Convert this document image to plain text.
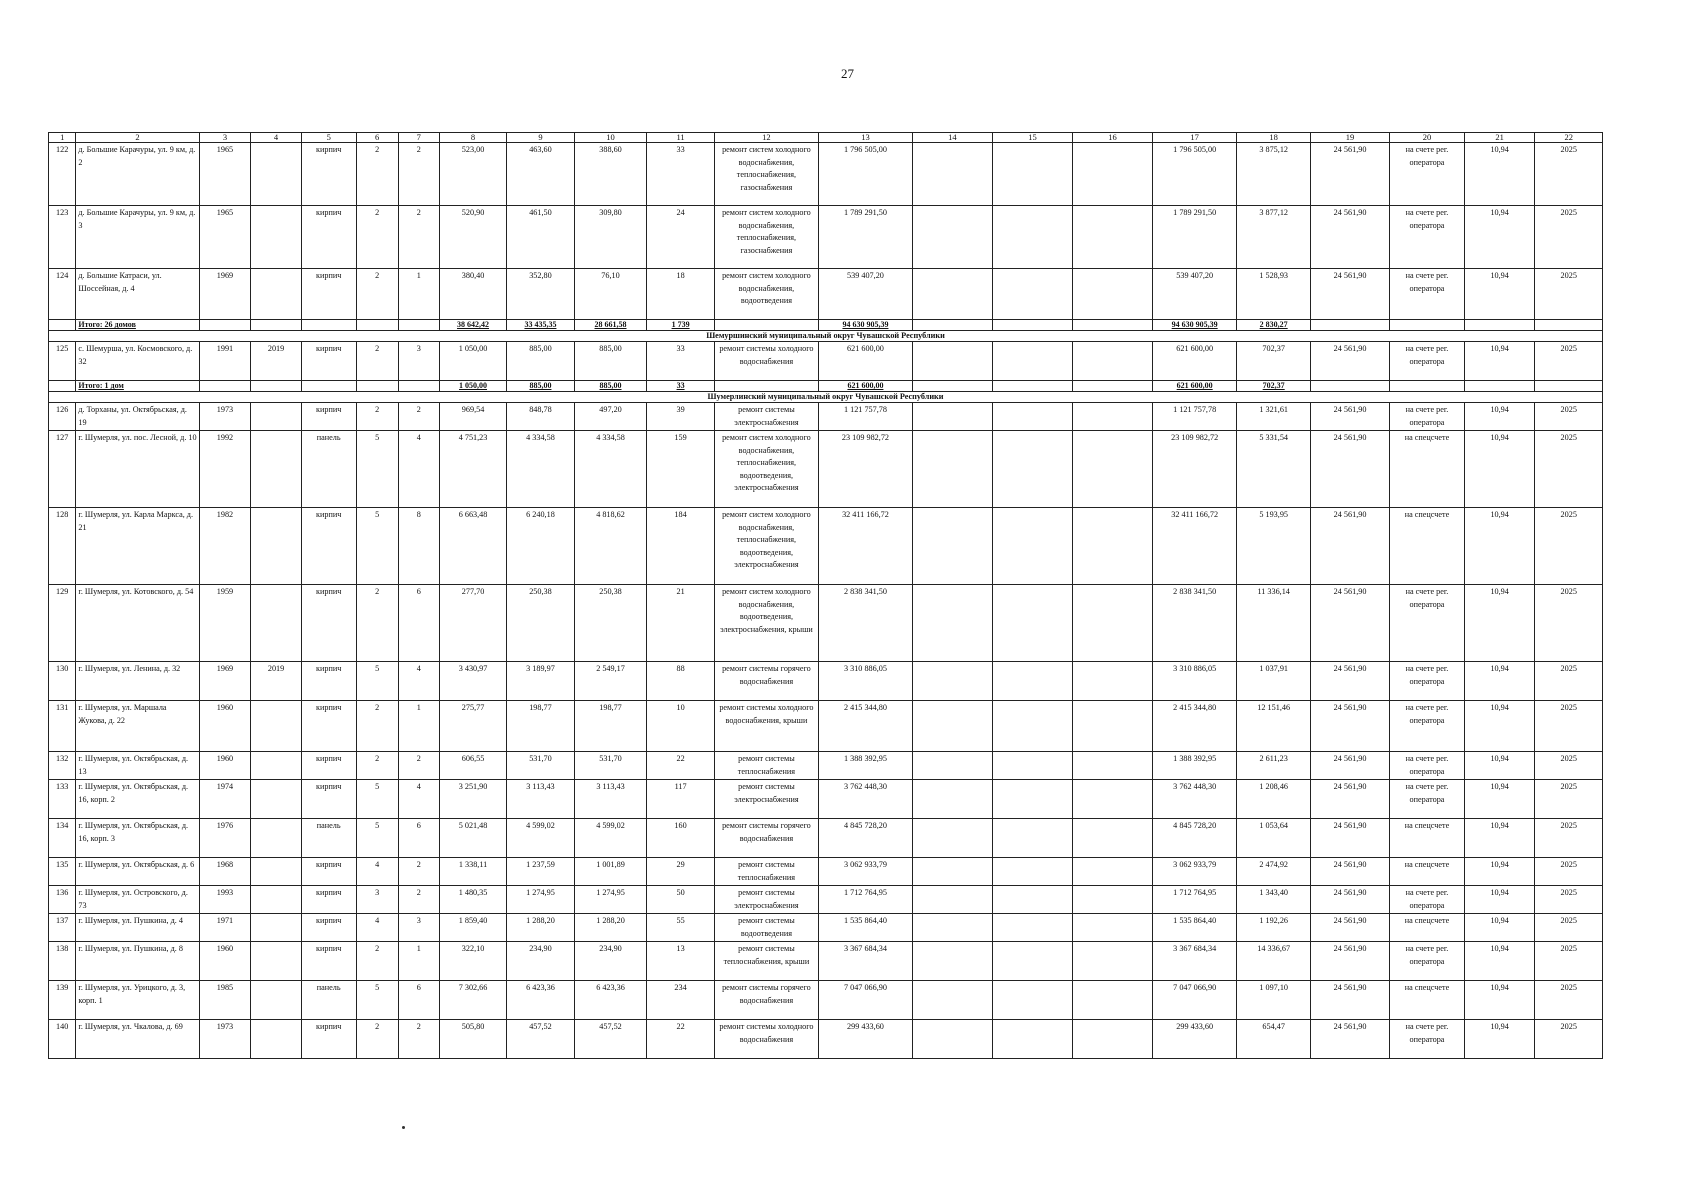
27
1	2	3	4	5	6	7	8	9	10	11	12	13	14	15	16	17	18	19	20	21	22
122	д. Большие Карачуры, ул. 9 км, д. 2	1965		кирпич	2	2	523,00	463,60	388,60	33	ремонт систем холодного водоснабжения, теплоснабжения, газоснабжения	1 796 505,00				1 796 505,00	3 875,12	24 561,90	на счете рег. оператора	10,94	2025
123	д. Большие Карачуры, ул. 9 км, д. 3	1965		кирпич	2	2	520,90	461,50	309,80	24	ремонт систем холодного водоснабжения, теплоснабжения, газоснабжения	1 789 291,50				1 789 291,50	3 877,12	24 561,90	на счете рег. оператора	10,94	2025
124	д. Большие Катраси, ул. Шоссейная, д. 4	1969		кирпич	2	1	380,40	352,80	76,10	18	ремонт систем холодного водоснабжения, водоотведения	539 407,20				539 407,20	1 528,93	24 561,90	на счете рег. оператора	10,94	2025
	Итого: 26 домов						38 642,42	33 435,35	28 661,58	1 739		94 630 905,39				94 630 905,39	2 830,27				
Шемуршинский муниципальный округ Чувашской Республики																					
125	с. Шемурша, ул. Космовского, д. 32	1991	2019	кирпич	2	3	1 050,00	885,00	885,00	33	ремонт системы холодного водоснабжения	621 600,00				621 600,00	702,37	24 561,90	на счете рег. оператора	10,94	2025
	Итого: 1 дом						1 050,00	885,00	885,00	33		621 600,00				621 600,00	702,37				
Шумерлинский муниципальный округ Чувашской Республики																					
126	д. Торханы, ул. Октябрьская, д. 19	1973		кирпич	2	2	969,54	848,78	497,20	39	ремонт системы электроснабжения	1 121 757,78				1 121 757,78	1 321,61	24 561,90	на счете рег. оператора	10,94	2025
127	г. Шумерля, ул. пос. Лесной, д. 10	1992		панель	5	4	4 751,23	4 334,58	4 334,58	159	ремонт систем холодного водоснабжения, теплоснабжения, водоотведения, электроснабжения	23 109 982,72				23 109 982,72	5 331,54	24 561,90	на спецсчете	10,94	2025
128	г. Шумерля, ул. Карла Маркса, д. 21	1982		кирпич	5	8	6 663,48	6 240,18	4 818,62	184	ремонт систем холодного водоснабжения, теплоснабжения, водоотведения, электроснабжения	32 411 166,72				32 411 166,72	5 193,95	24 561,90	на спецсчете	10,94	2025
129	г. Шумерля, ул. Котовского, д. 54	1959		кирпич	2	6	277,70	250,38	250,38	21	ремонт систем холодного водоснабжения, водоотведения, электроснабжения, крыши	2 838 341,50				2 838 341,50	11 336,14	24 561,90	на счете рег. оператора	10,94	2025
130	г. Шумерля, ул. Ленина, д. 32	1969	2019	кирпич	5	4	3 430,97	3 189,97	2 549,17	88	ремонт системы горячего водоснабжения	3 310 886,05				3 310 886,05	1 037,91	24 561,90	на счете рег. оператора	10,94	2025
131	г. Шумерля, ул. Маршала Жукова, д. 22	1960		кирпич	2	1	275,77	198,77	198,77	10	ремонт системы холодного водоснабжения, крыши	2 415 344,80				2 415 344,80	12 151,46	24 561,90	на счете рег. оператора	10,94	2025
132	г. Шумерля, ул. Октябрьская, д. 13	1960		кирпич	2	2	606,55	531,70	531,70	22	ремонт системы теплоснабжения	1 388 392,95				1 388 392,95	2 611,23	24 561,90	на счете рег. оператора	10,94	2025
133	г. Шумерля, ул. Октябрьская, д. 16, корп. 2	1974		кирпич	5	4	3 251,90	3 113,43	3 113,43	117	ремонт системы электроснабжения	3 762 448,30				3 762 448,30	1 208,46	24 561,90	на счете рег. оператора	10,94	2025
134	г. Шумерля, ул. Октябрьская, д. 16, корп. 3	1976		панель	5	6	5 021,48	4 599,02	4 599,02	160	ремонт системы горячего водоснабжения	4 845 728,20				4 845 728,20	1 053,64	24 561,90	на спецсчете	10,94	2025
135	г. Шумерля, ул. Октябрьская, д. 6	1968		кирпич	4	2	1 338,11	1 237,59	1 001,89	29	ремонт системы теплоснабжения	3 062 933,79				3 062 933,79	2 474,92	24 561,90	на спецсчете	10,94	2025
136	г. Шумерля, ул. Островского, д. 73	1993		кирпич	3	2	1 480,35	1 274,95	1 274,95	50	ремонт системы электроснабжения	1 712 764,95				1 712 764,95	1 343,40	24 561,90	на счете рег. оператора	10,94	2025
137	г. Шумерля, ул. Пушкина, д. 4	1971		кирпич	4	3	1 859,40	1 288,20	1 288,20	55	ремонт системы водоотведения	1 535 864,40				1 535 864,40	1 192,26	24 561,90	на спецсчете	10,94	2025
138	г. Шумерля, ул. Пушкина, д. 8	1960		кирпич	2	1	322,10	234,90	234,90	13	ремонт системы теплоснабжения, крыши	3 367 684,34				3 367 684,34	14 336,67	24 561,90	на счете рег. оператора	10,94	2025
139	г. Шумерля, ул. Урицкого, д. 3, корп. 1	1985		панель	5	6	7 302,66	6 423,36	6 423,36	234	ремонт системы горячего водоснабжения	7 047 066,90				7 047 066,90	1 097,10	24 561,90	на спецсчете	10,94	2025
140	г. Шумерля, ул. Чкалова, д. 69	1973		кирпич	2	2	505,80	457,52	457,52	22	ремонт системы холодного водоснабжения	299 433,60				299 433,60	654,47	24 561,90	на счете рег. оператора	10,94	2025
